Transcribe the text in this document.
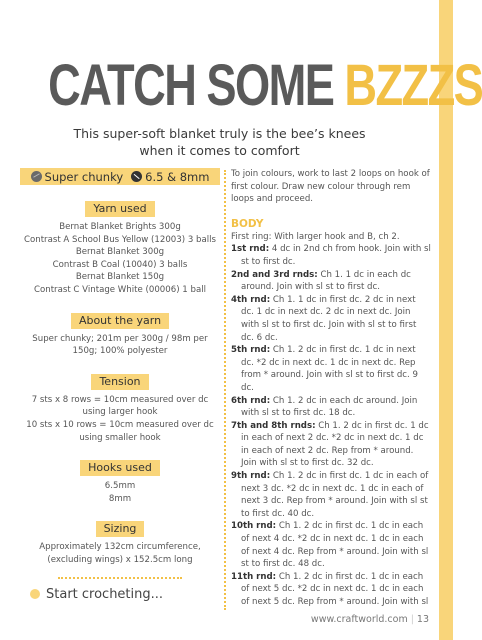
CATCH SOME BZZZS
This super-soft blanket truly is the bee’s knees
when it comes to comfort
Super chunky 6.5 & 8mm
Yarn used
Bernat Blanket Brights 300g
Contrast A School Bus Yellow (12003) 3 balls
Bernat Blanket 300g
Contrast B Coal (10040) 3 balls
Bernat Blanket 150g
Contrast C Vintage White (00006) 1 ball
About the yarn
Super chunky; 201m per 300g / 98m per
150g; 100% polyester
Tension
7 sts x 8 rows = 10cm measured over dc
using larger hook
10 sts x 10 rows = 10cm measured over dc
using smaller hook
Hooks used
6.5mm
8mm
Sizing
Approximately 132cm circumference,
(excluding wings) x 152.5cm long
Start crocheting...

To join colours, work to last 2 loops on hook of first colour. Draw new colour through rem loops and proceed.

BODY

First ring: With larger hook and B, ch 2.

1st rnd: 4 dc in 2nd ch from hook. Join with sl st to first dc.

2nd and 3rd rnds: Ch 1. 1 dc in each dc around. Join with sl st to first dc.

4th rnd: Ch 1. 1 dc in first dc. 2 dc in next dc. 1 dc in next dc. 2 dc in next dc. Join with sl st to first dc. Join with sl st to first dc. 6 dc.

5th rnd: Ch 1. 2 dc in first dc. 1 dc in next dc. *2 dc in next dc. 1 dc in next dc. Rep from * around. Join with sl st to first dc. 9 dc.

6th rnd: Ch 1. 2 dc in each dc around. Join with sl st to first dc. 18 dc.

7th and 8th rnds: Ch 1. 2 dc in first dc. 1 dc in each of next 2 dc. *2 dc in next dc. 1 dc in each of next 2 dc. Rep from * around. Join with sl st to first dc. 32 dc.

9th rnd: Ch 1. 2 dc in first dc. 1 dc in each of next 3 dc. *2 dc in next dc. 1 dc in each of next 3 dc. Rep from * around. Join with sl st to first dc. 40 dc.

10th rnd: Ch 1. 2 dc in first dc. 1 dc in each of next 4 dc. *2 dc in next dc. 1 dc in each of next 4 dc. Rep from * around. Join with sl st to first dc. 48 dc.

11th rnd: Ch 1. 2 dc in first dc. 1 dc in each of next 5 dc. *2 dc in next dc. 1 dc in each of next 5 dc. Rep from * around. Join with sl

www.craftworld.com | 13
